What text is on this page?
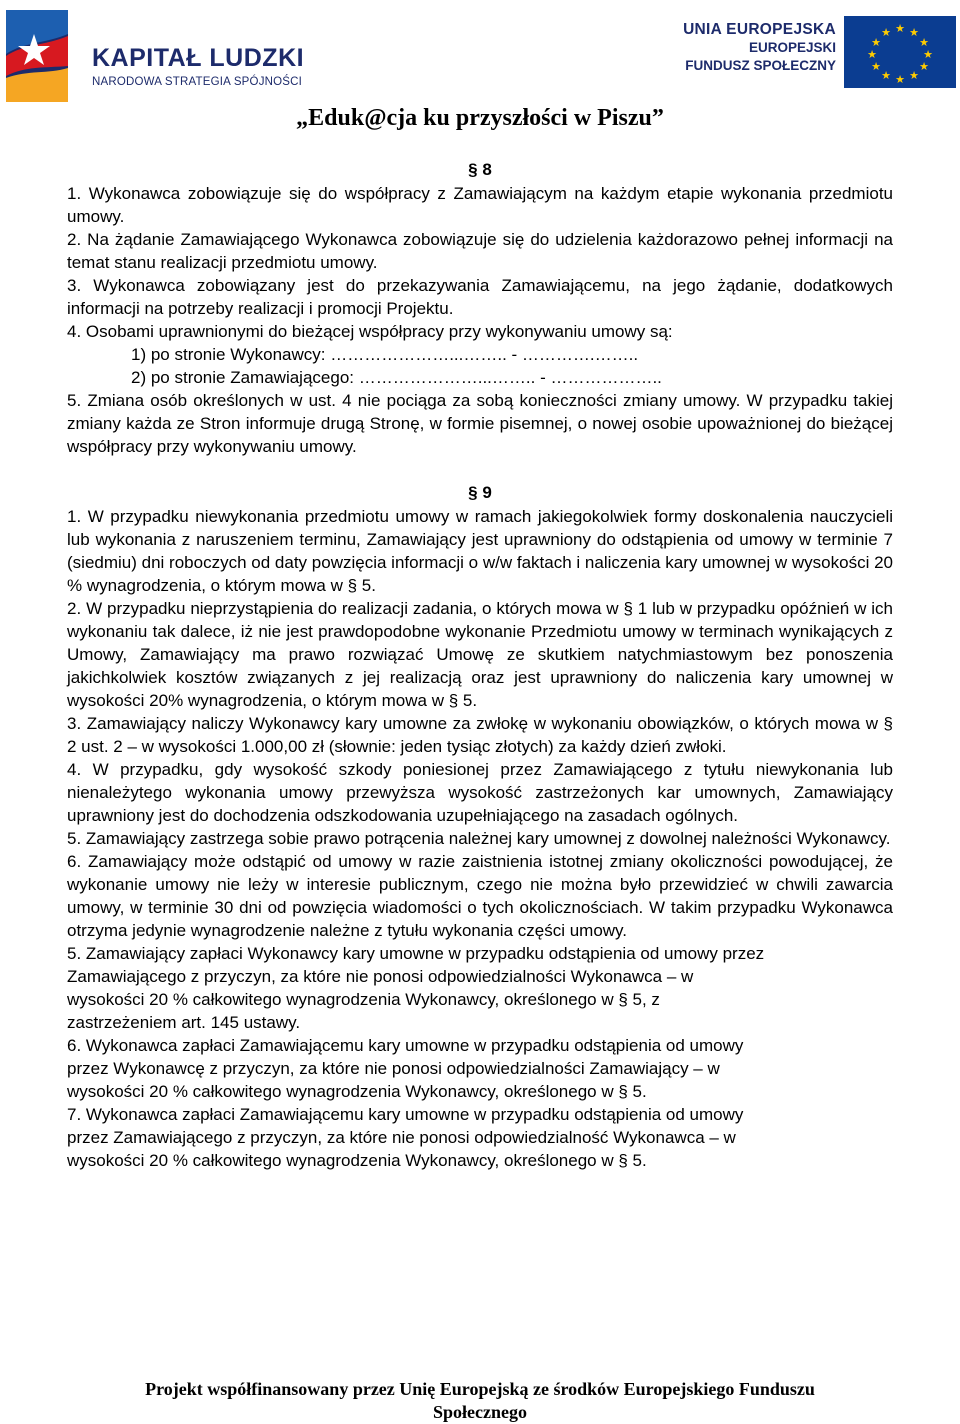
KAPITAŁ LUDZKI
NARODOWA STRATEGIA SPÓJNOŚCI
UNIA EUROPEJSKA
EUROPEJSKI
FUNDUSZ SPOŁECZNY
★ ★
★
★
★
★
★
★
★
★
★
★
„Eduk@cja ku przyszłości w Piszu”

§ 8

1. Wykonawca zobowiązuje się do współpracy z Zamawiającym na każdym etapie wykonania przedmiotu umowy.

2. Na żądanie Zamawiającego Wykonawca zobowiązuje się do udzielenia każdorazowo pełnej informacji na temat stanu realizacji przedmiotu umowy.

3. Wykonawca zobowiązany jest do przekazywania Zamawiającemu, na jego żądanie, dodatkowych informacji na potrzeby realizacji i promocji Projektu.

4. Osobami uprawnionymi do bieżącej współpracy przy wykonywaniu umowy są:

1) po stronie Wykonawcy: …………………...…….. - ………….……..

2) po stronie Zamawiającego: …………………...…….. - ………………..

5. Zmiana osób określonych w ust. 4 nie pociąga za sobą konieczności zmiany umowy. W przypadku takiej zmiany każda ze Stron informuje drugą Stronę, w formie pisemnej, o nowej osobie upoważnionej do bieżącej współpracy przy wykonywaniu umowy.

§ 9

1. W przypadku niewykonania przedmiotu umowy w ramach jakiegokolwiek formy doskonalenia nauczycieli lub wykonania z naruszeniem terminu, Zamawiający jest uprawniony do odstąpienia od umowy w terminie 7 (siedmiu) dni roboczych od daty powzięcia informacji o w/w faktach i naliczenia kary umownej w wysokości 20 % wynagrodzenia, o którym mowa w § 5.

2. W przypadku nieprzystąpienia do realizacji zadania, o których mowa w § 1 lub w przypadku opóźnień w ich wykonaniu tak dalece, iż nie jest prawdopodobne wykonanie Przedmiotu umowy w terminach wynikających z Umowy, Zamawiający ma prawo rozwiązać Umowę ze skutkiem natychmiastowym bez ponoszenia jakichkolwiek kosztów związanych z jej realizacją oraz jest uprawniony do naliczenia kary umownej w wysokości 20% wynagrodzenia, o którym mowa w § 5.

3. Zamawiający naliczy Wykonawcy kary umowne za zwłokę w wykonaniu obowiązków, o których mowa w § 2 ust. 2 – w wysokości 1.000,00 zł (słownie: jeden tysiąc złotych) za każdy dzień zwłoki.

4. W przypadku, gdy wysokość szkody poniesionej przez Zamawiającego z tytułu niewykonania lub nienależytego wykonania umowy przewyższa wysokość zastrzeżonych kar umownych, Zamawiający uprawniony jest do dochodzenia odszkodowania uzupełniającego na zasadach ogólnych.

5. Zamawiający zastrzega sobie prawo potrącenia należnej kary umownej z dowolnej należności Wykonawcy.

6. Zamawiający może odstąpić od umowy w razie zaistnienia istotnej zmiany okoliczności powodującej, że wykonanie umowy nie leży w interesie publicznym, czego nie można było przewidzieć w chwili zawarcia umowy, w terminie 30 dni od powzięcia wiadomości o tych okolicznościach. W takim przypadku Wykonawca otrzyma jedynie wynagrodzenie należne z tytułu wykonania części umowy.

5. Zamawiający zapłaci Wykonawcy kary umowne w przypadku odstąpienia od umowy przez
Zamawiającego z przyczyn, za które nie ponosi odpowiedzialności Wykonawca – w
wysokości 20 % całkowitego wynagrodzenia Wykonawcy, określonego w § 5, z
zastrzeżeniem art. 145 ustawy.
6. Wykonawca zapłaci Zamawiającemu kary umowne w przypadku odstąpienia od umowy
przez Wykonawcę z przyczyn, za które nie ponosi odpowiedzialności Zamawiający – w
wysokości 20 % całkowitego wynagrodzenia Wykonawcy, określonego w § 5.
7. Wykonawca zapłaci Zamawiającemu kary umowne w przypadku odstąpienia od umowy
przez Zamawiającego z przyczyn, za które nie ponosi odpowiedzialność Wykonawca – w
wysokości 20 % całkowitego wynagrodzenia Wykonawcy, określonego w § 5.
Projekt współfinansowany przez Unię Europejską ze środków Europejskiego Funduszu
Społecznego
